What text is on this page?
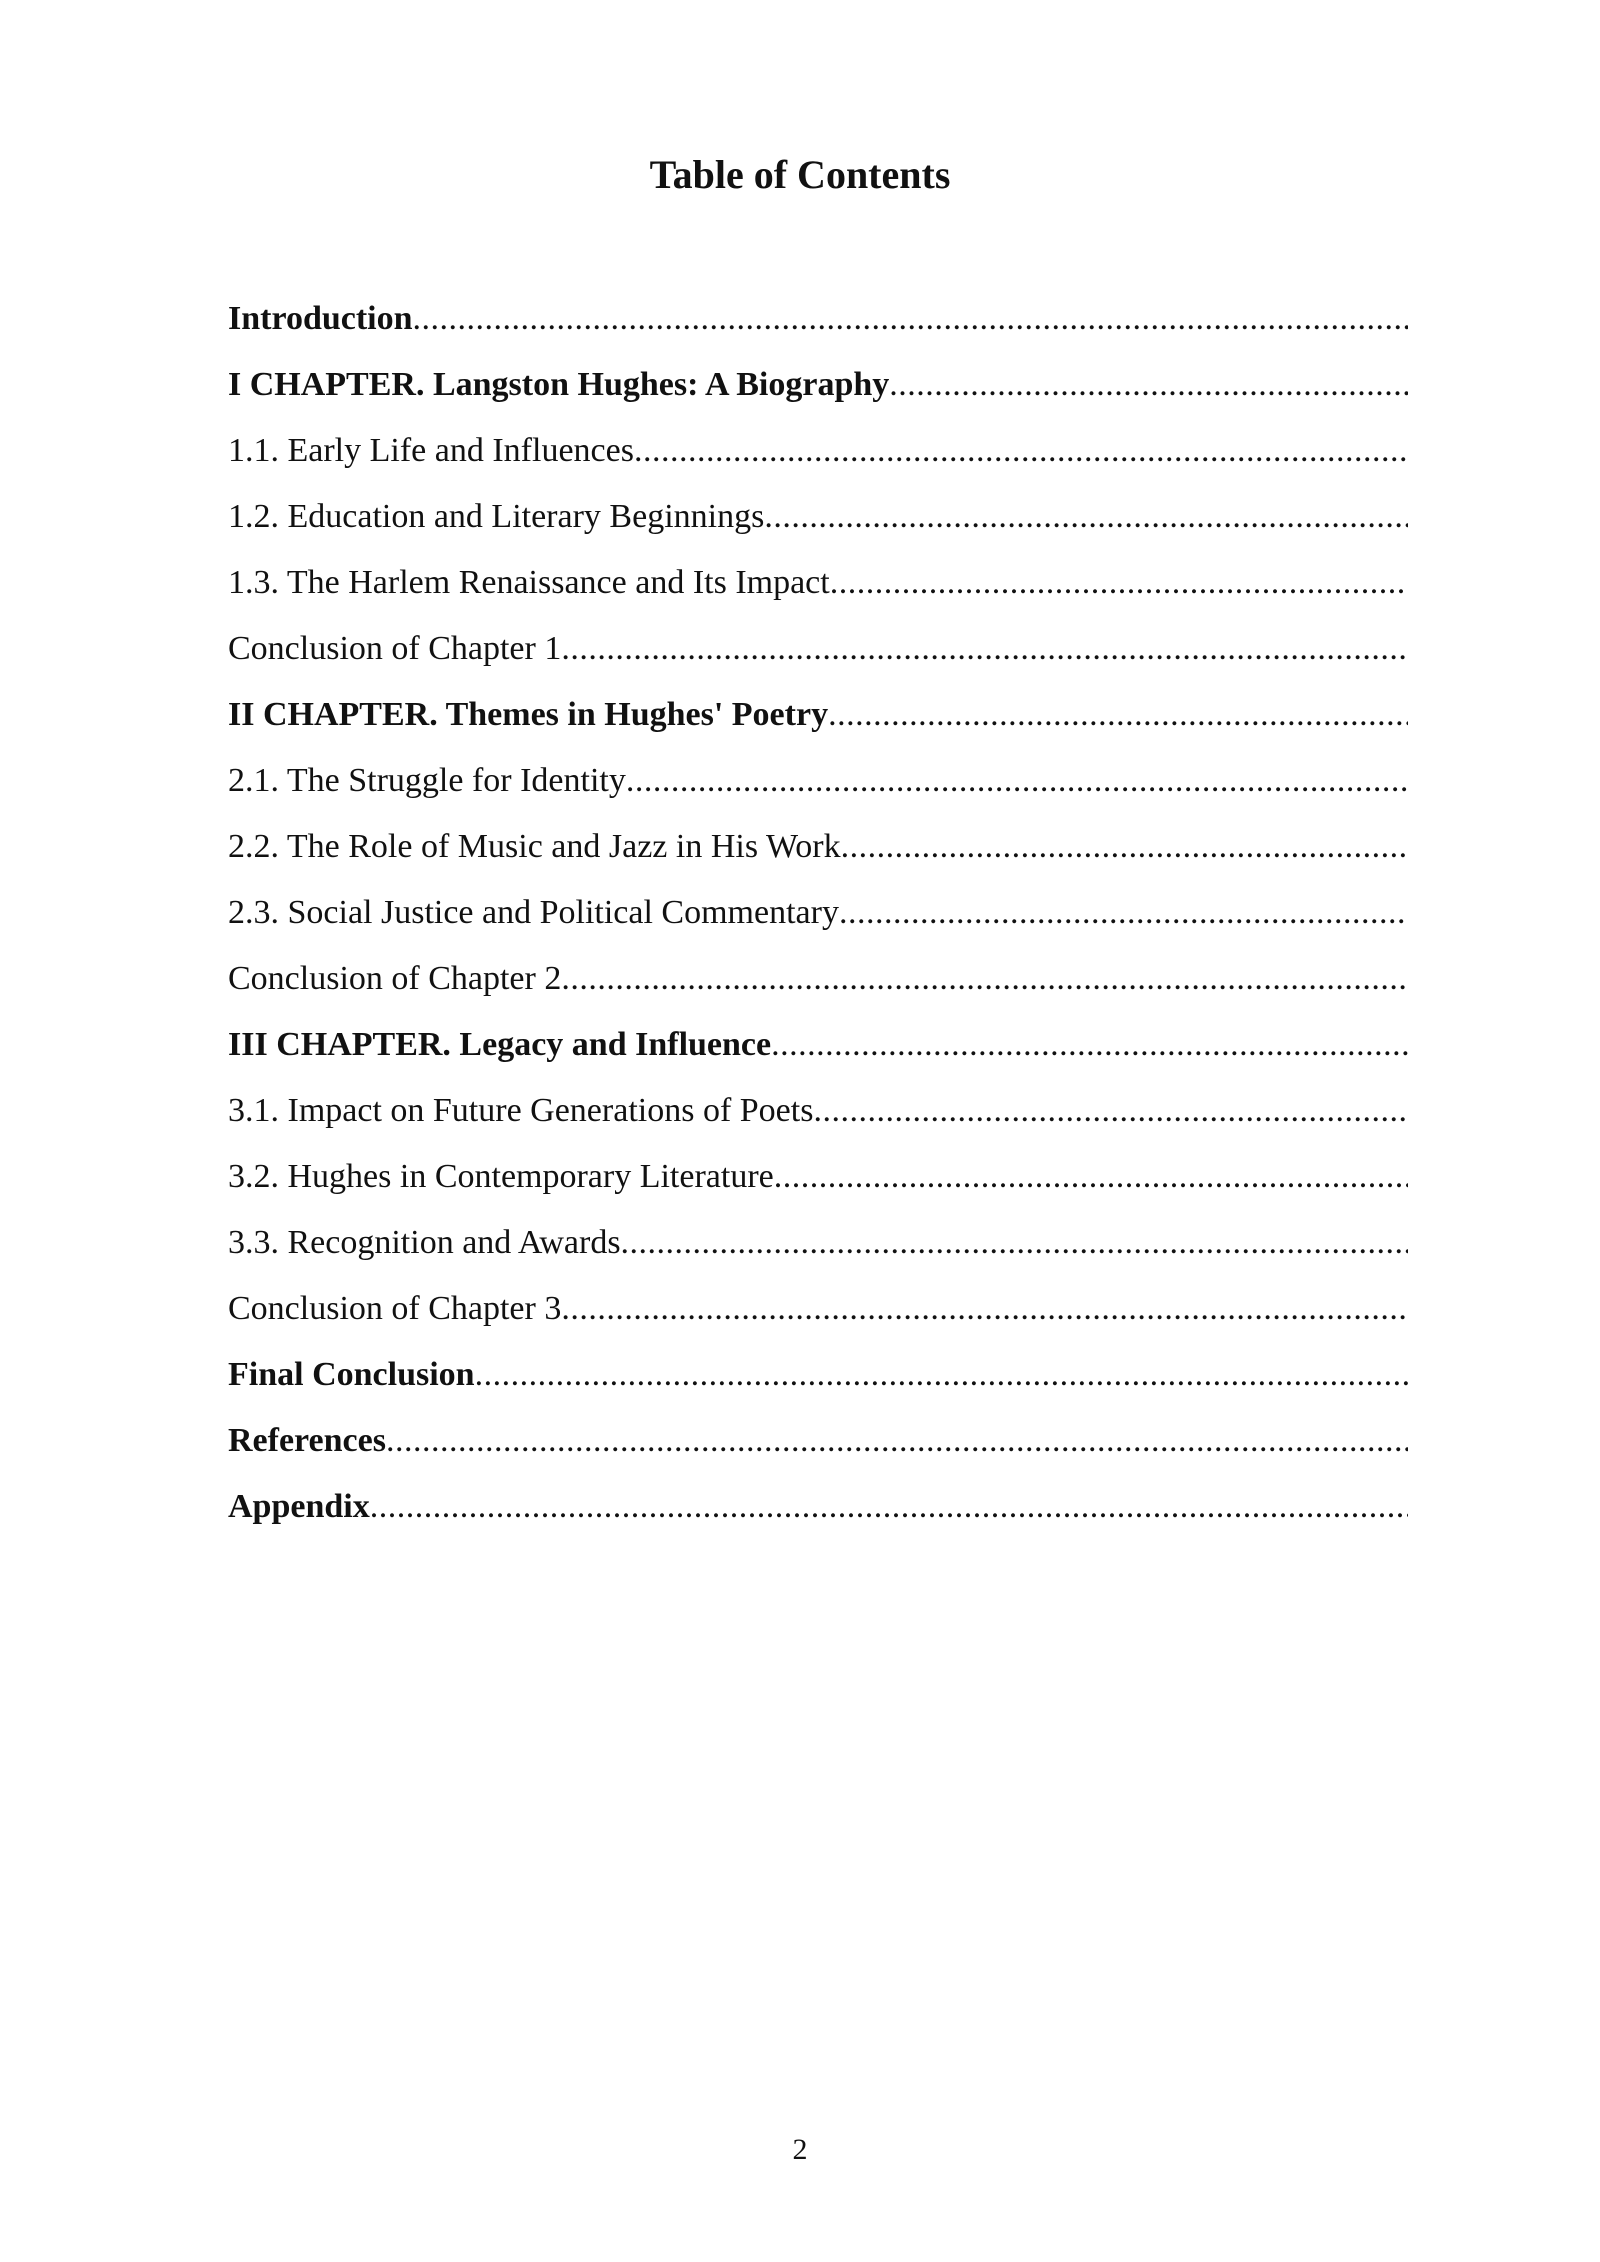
Table of Contents
Introduction
.....
I CHAPTER. Langston Hughes: A Biography
.....
1.1. Early Life and Influences
.....
1.2. Education and Literary Beginnings
.....
1.3. The Harlem Renaissance and Its Impact
.....
Conclusion of Chapter 1
.....
II CHAPTER. Themes in Hughes' Poetry
.....
2.1. The Struggle for Identity
.....
2.2. The Role of Music and Jazz in His Work
.....
2.3. Social Justice and Political Commentary
.....
Conclusion of Chapter 2
.....
III CHAPTER. Legacy and Influence
.....
3.1. Impact on Future Generations of Poets
.....
3.2. Hughes in Contemporary Literature
.....
3.3. Recognition and Awards
.....
Conclusion of Chapter 3
.....
Final Conclusion
.....
References
.....
Appendix
.....
2
